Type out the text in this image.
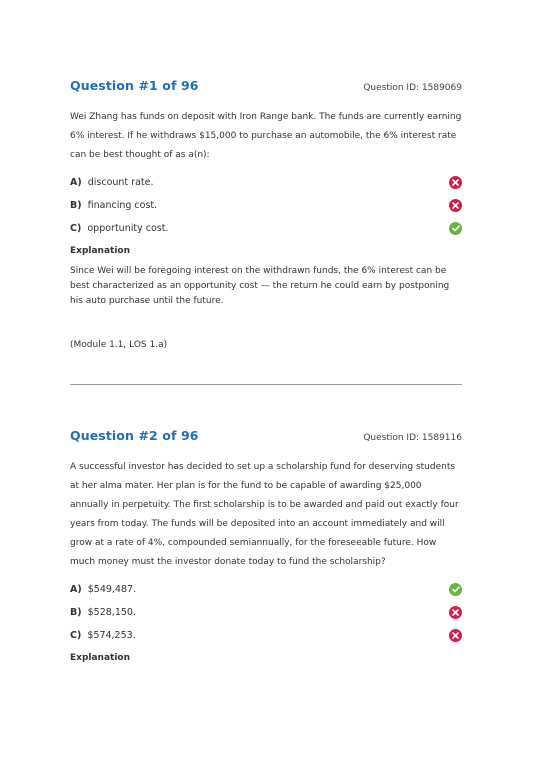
Question #1 of 96	Question ID: 1589069
Wei Zhang has funds on deposit with Iron Range bank. The funds are currently earning 6% interest. If he withdraws $15,000 to purchase an automobile, the 6% interest rate can be best thought of as a(n):
A) discount rate.
B) financing cost.
C) opportunity cost.
Explanation
Since Wei will be foregoing interest on the withdrawn funds, the 6% interest can be best characterized as an opportunity cost — the return he could earn by postponing his auto purchase until the future.
(Module 1.1, LOS 1.a)
Question #2 of 96	Question ID: 1589116
A successful investor has decided to set up a scholarship fund for deserving students at her alma mater. Her plan is for the fund to be capable of awarding $25,000 annually in perpetuity. The first scholarship is to be awarded and paid out exactly four years from today. The funds will be deposited into an account immediately and will grow at a rate of 4%, compounded semiannually, for the foreseeable future. How much money must the investor donate today to fund the scholarship?
A) $549,487.
B) $528,150.
C) $574,253.
Explanation
